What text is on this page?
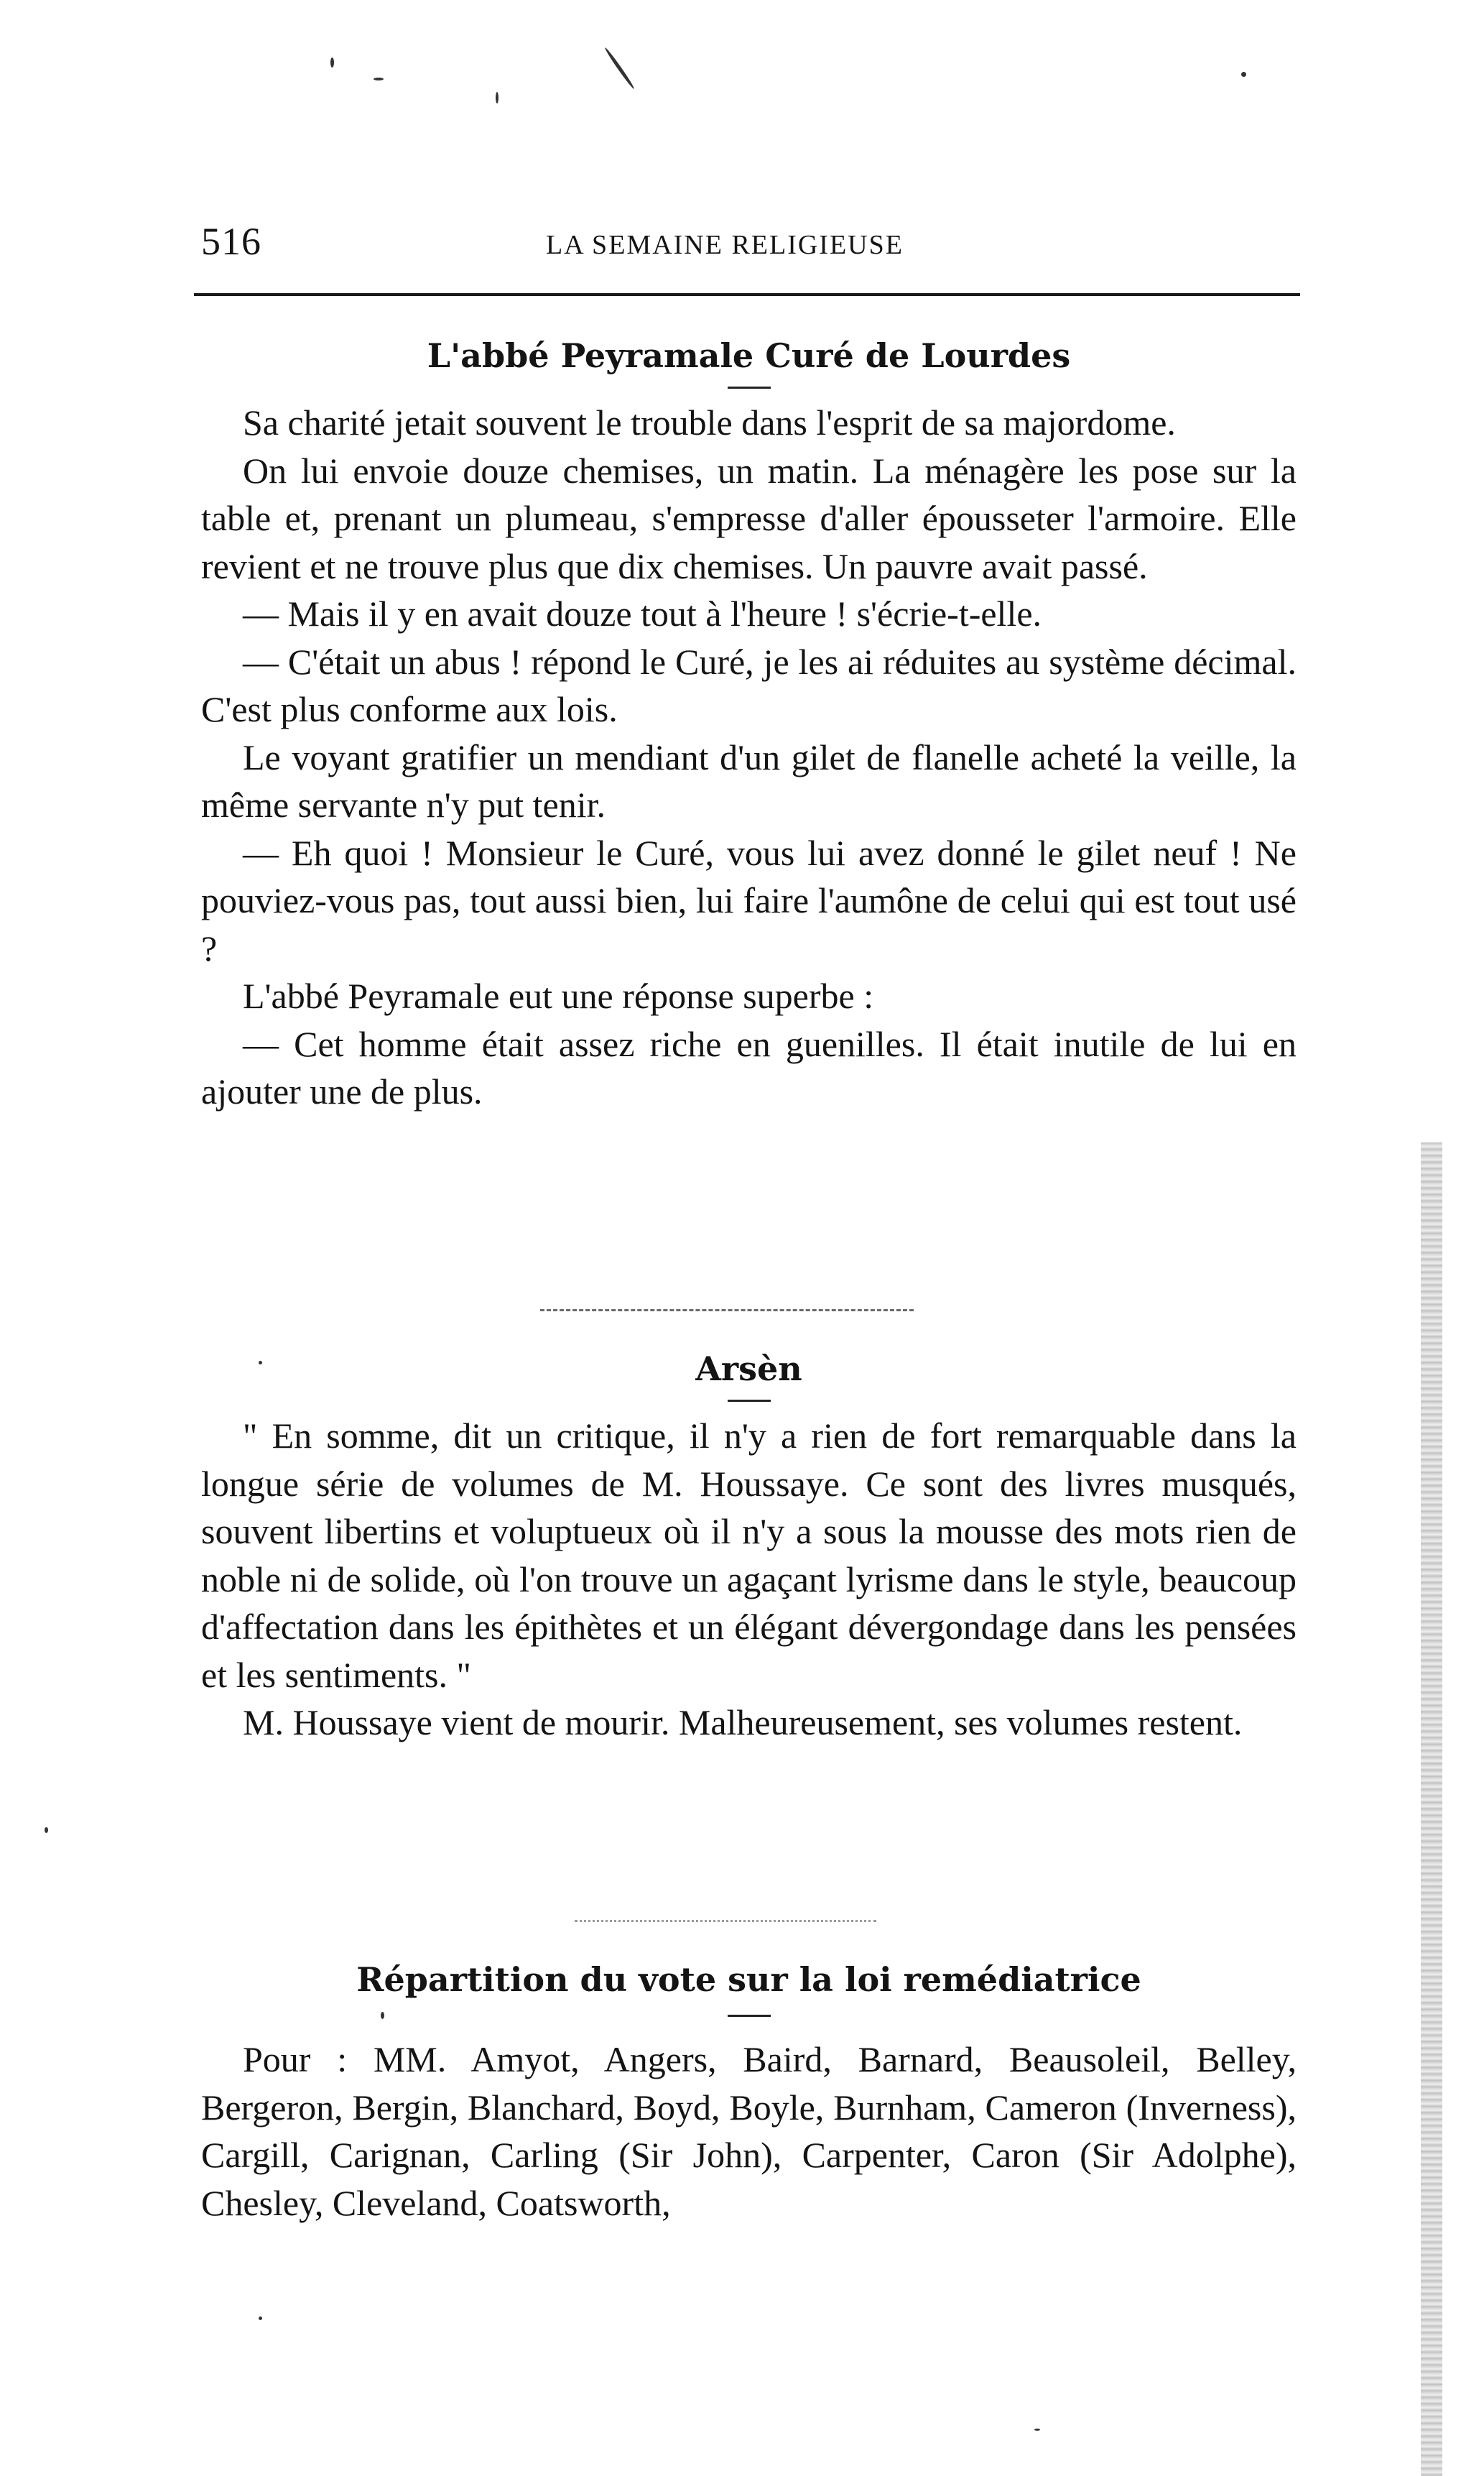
516	LA SEMAINE RELIGIEUSE
L'abbé Peyramale Curé de Lourdes

Sa charité jetait souvent le trouble dans l'esprit de sa majordome.

On lui envoie douze chemises, un matin. La ménagère les pose sur la table et, prenant un plumeau, s'empresse d'aller épousseter l'armoire. Elle revient et ne trouve plus que dix chemises. Un pauvre avait passé.

— Mais il y en avait douze tout à l'heure ! s'écrie-t-elle.

— C'était un abus ! répond le Curé, je les ai réduites au système décimal. C'est plus conforme aux lois.

Le voyant gratifier un mendiant d'un gilet de flanelle acheté la veille, la même servante n'y put tenir.

— Eh quoi ! Monsieur le Curé, vous lui avez donné le gilet neuf ! Ne pouviez-vous pas, tout aussi bien, lui faire l'aumône de celui qui est tout usé ?

L'abbé Peyramale eut une réponse superbe :

— Cet homme était assez riche en guenilles. Il était inutile de lui en ajouter une de plus.

Arsèn

" En somme, dit un critique, il n'y a rien de fort remarquable dans la longue série de volumes de M. Houssaye. Ce sont des livres musqués, souvent libertins et voluptueux où il n'y a sous la mousse des mots rien de noble ni de solide, où l'on trouve un agaçant lyrisme dans le style, beaucoup d'affectation dans les épithètes et un élégant dévergondage dans les pensées et les sentiments. "

M. Houssaye vient de mourir. Malheureusement, ses volumes restent.

Répartition du vote sur la loi remédiatrice

Pour : MM. Amyot, Angers, Baird, Barnard, Beausoleil, Belley, Bergeron, Bergin, Blanchard, Boyd, Boyle, Burnham, Cameron (Inverness), Cargill, Carignan, Carling (Sir John), Carpenter, Caron (Sir Adolphe), Chesley, Cleveland, Coatsworth,
